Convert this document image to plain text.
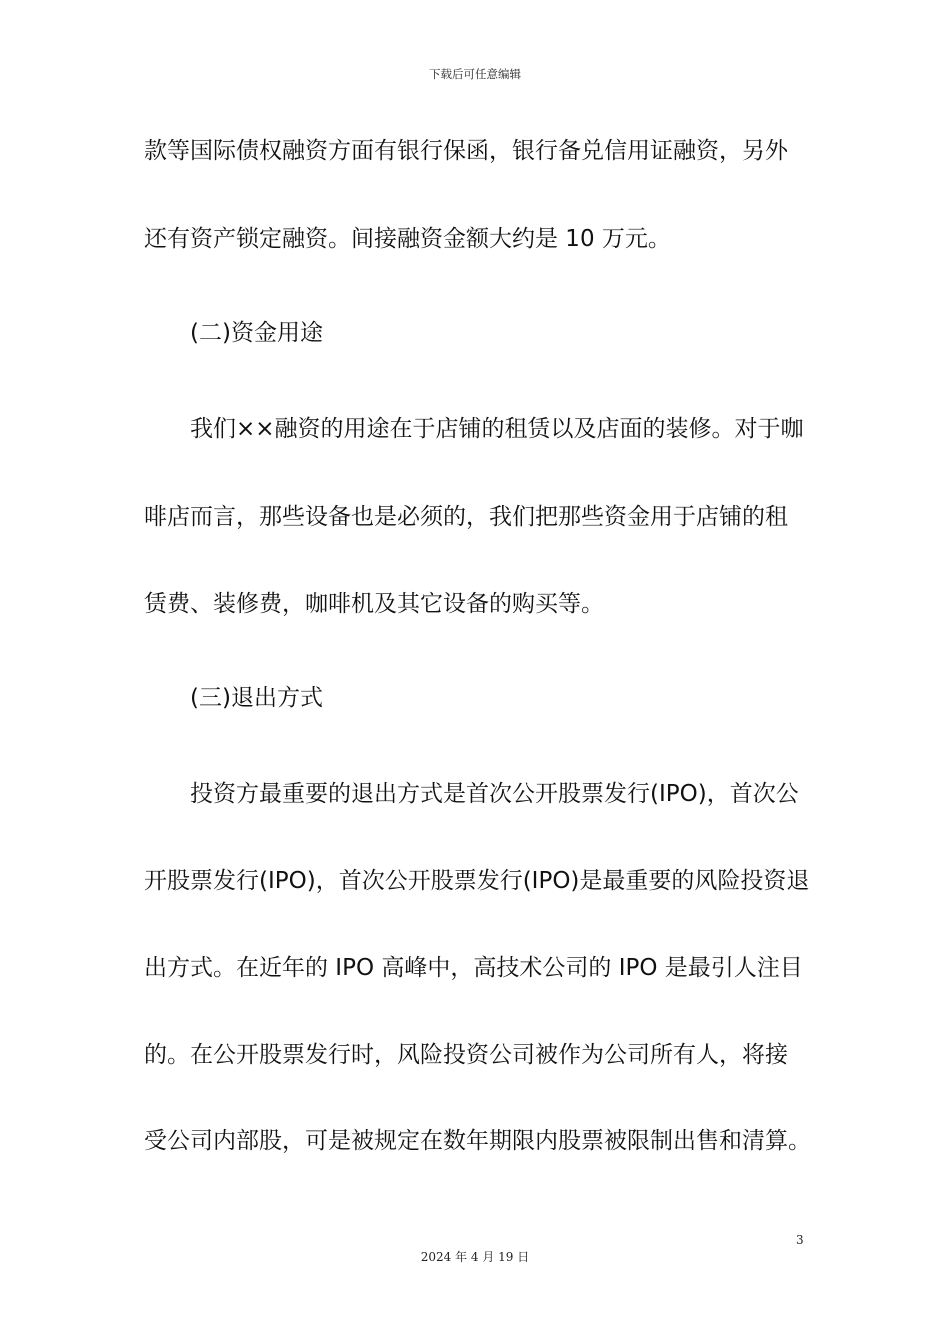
下载后可任意编辑
款等国际债权融资方面有银行保函，银行备兑信用证融资，另外
还有资产锁定融资。间接融资金额大约是 10 万元。
(二)资金用途
我们××融资的用途在于店铺的租赁以及店面的装修。对于咖
啡店而言，那些设备也是必须的，我们把那些资金用于店铺的租
赁费、装修费，咖啡机及其它设备的购买等。
(三)退出方式
投资方最重要的退出方式是首次公开股票发行(IPO)，首次公
开股票发行(IPO)，首次公开股票发行(IPO)是最重要的风险投资退
出方式。在近年的 IPO 高峰中，高技术公司的 IPO 是最引人注目
的。在公开股票发行时，风险投资公司被作为公司所有人，将接
受公司内部股，可是被规定在数年期限内股票被限制出售和清算。
3
2024 年 4 月 19 日
